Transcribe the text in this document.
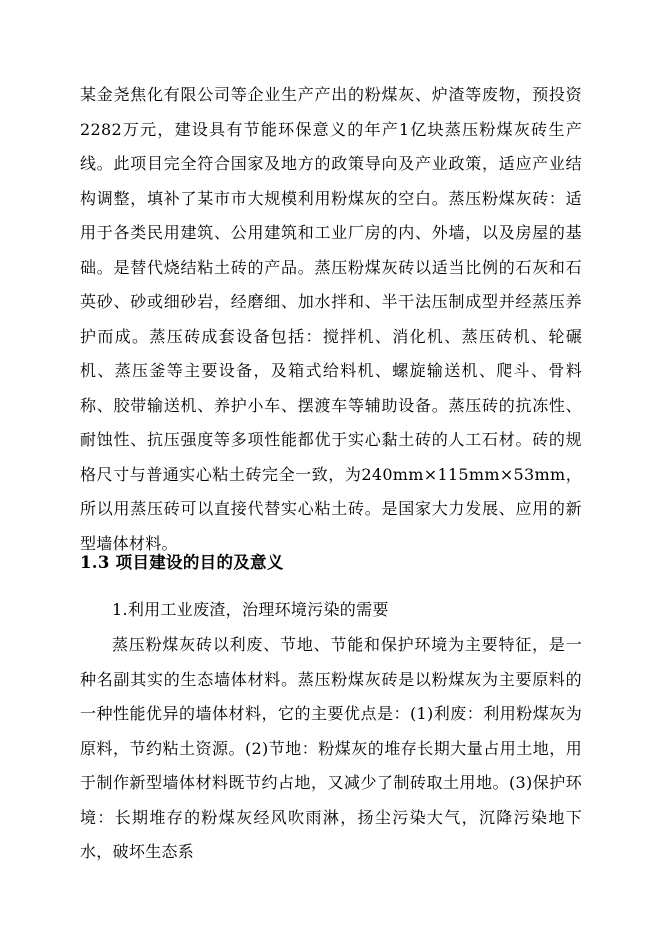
某金尧焦化有限公司等企业生产产出的粉煤灰、炉渣等废物，预投资2282万元，建设具有节能环保意义的年产1亿块蒸压粉煤灰砖生产线。此项目完全符合国家及地方的政策导向及产业政策，适应产业结构调整，填补了某市市大规模利用粉煤灰的空白。蒸压粉煤灰砖：适用于各类民用建筑、公用建筑和工业厂房的内、外墙，以及房屋的基础。是替代烧结粘土砖的产品。蒸压粉煤灰砖以适当比例的石灰和石英砂、砂或细砂岩，经磨细、加水拌和、半干法压制成型并经蒸压养护而成。蒸压砖成套设备包括：搅拌机、消化机、蒸压砖机、轮碾机、蒸压釜等主要设备，及箱式给料机、螺旋输送机、爬斗、骨料称、胶带输送机、养护小车、摆渡车等辅助设备。蒸压砖的抗冻性、耐蚀性、抗压强度等多项性能都优于实心黏土砖的人工石材。砖的规格尺寸与普通实心粘土砖完全一致，为240mm×115mm×53mm，所以用蒸压砖可以直接代替实心粘土砖。是国家大力发展、应用的新型墙体材料。

1.3 项目建设的目的及意义

1.利用工业废渣，治理环境污染的需要

蒸压粉煤灰砖以利废、节地、节能和保护环境为主要特征，是一种名副其实的生态墙体材料。蒸压粉煤灰砖是以粉煤灰为主要原料的一种性能优异的墙体材料，它的主要优点是：(1)利废：利用粉煤灰为原料，节约粘土资源。(2)节地：粉煤灰的堆存长期大量占用土地，用于制作新型墙体材料既节约占地，又减少了制砖取土用地。(3)保护环境：长期堆存的粉煤灰经风吹雨淋，扬尘污染大气，沉降污染地下水，破坏生态系
